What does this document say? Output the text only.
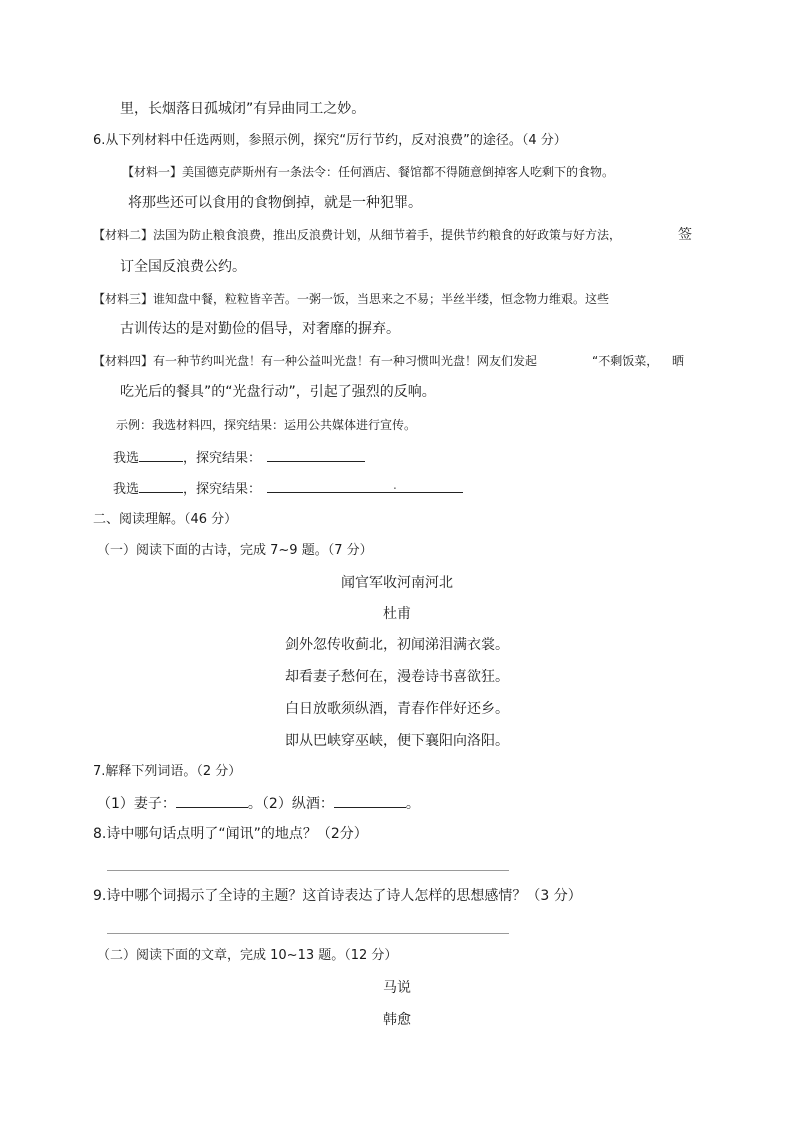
里，长烟落日孤城闭”有异曲同工之妙。
6.从下列材料中任选两则，参照示例，探究“厉行节约，反对浪费”的途径。（4 分）
【材料一】美国德克萨斯州有一条法令：任何酒店、餐馆都不得随意倒掉客人吃剩下的食物。
将那些还可以食用的食物倒掉，就是一种犯罪。
【材料二】法国为防止粮食浪费，推出反浪费计划，从细节着手，提供节约粮食的好政策与好方法，	签
订全国反浪费公约。
【材料三】谁知盘中餐，粒粒皆辛苦。一粥一饭，当思来之不易；半丝半缕，恒念物力维艰。这些
古训传达的是对勤俭的倡导，对奢靡的摒弃。
【材料四】有一种节约叫光盘！有一种公益叫光盘！有一种习惯叫光盘！网友们发起	“不剩饭菜， 晒
吃光后的餐具”的“光盘行动”，引起了强烈的反响。
示例：我选材料四，探究结果：运用公共媒体进行宣传。
我选	，探究结果：
我选	，探究结果：	.
二、阅读理解。（46 分）
（一）阅读下面的古诗，完成 7~9 题。（7 分）
闻官军收河南河北
杜甫
剑外忽传收蓟北，初闻涕泪满衣裳。
却看妻子愁何在，漫卷诗书喜欲狂。
白日放歌须纵酒，青春作伴好还乡。
即从巴峡穿巫峡，便下襄阳向洛阳。
7.解释下列词语。（2 分）
（1）妻子：	。（2）纵酒：	。
8.诗中哪句话点明了“闻讯”的地点？（2分）
9.诗中哪个词揭示了全诗的主题？这首诗表达了诗人怎样的思想感情？（3 分）
（二）阅读下面的文章，完成 10~13 题。（12 分）
马说
韩愈
